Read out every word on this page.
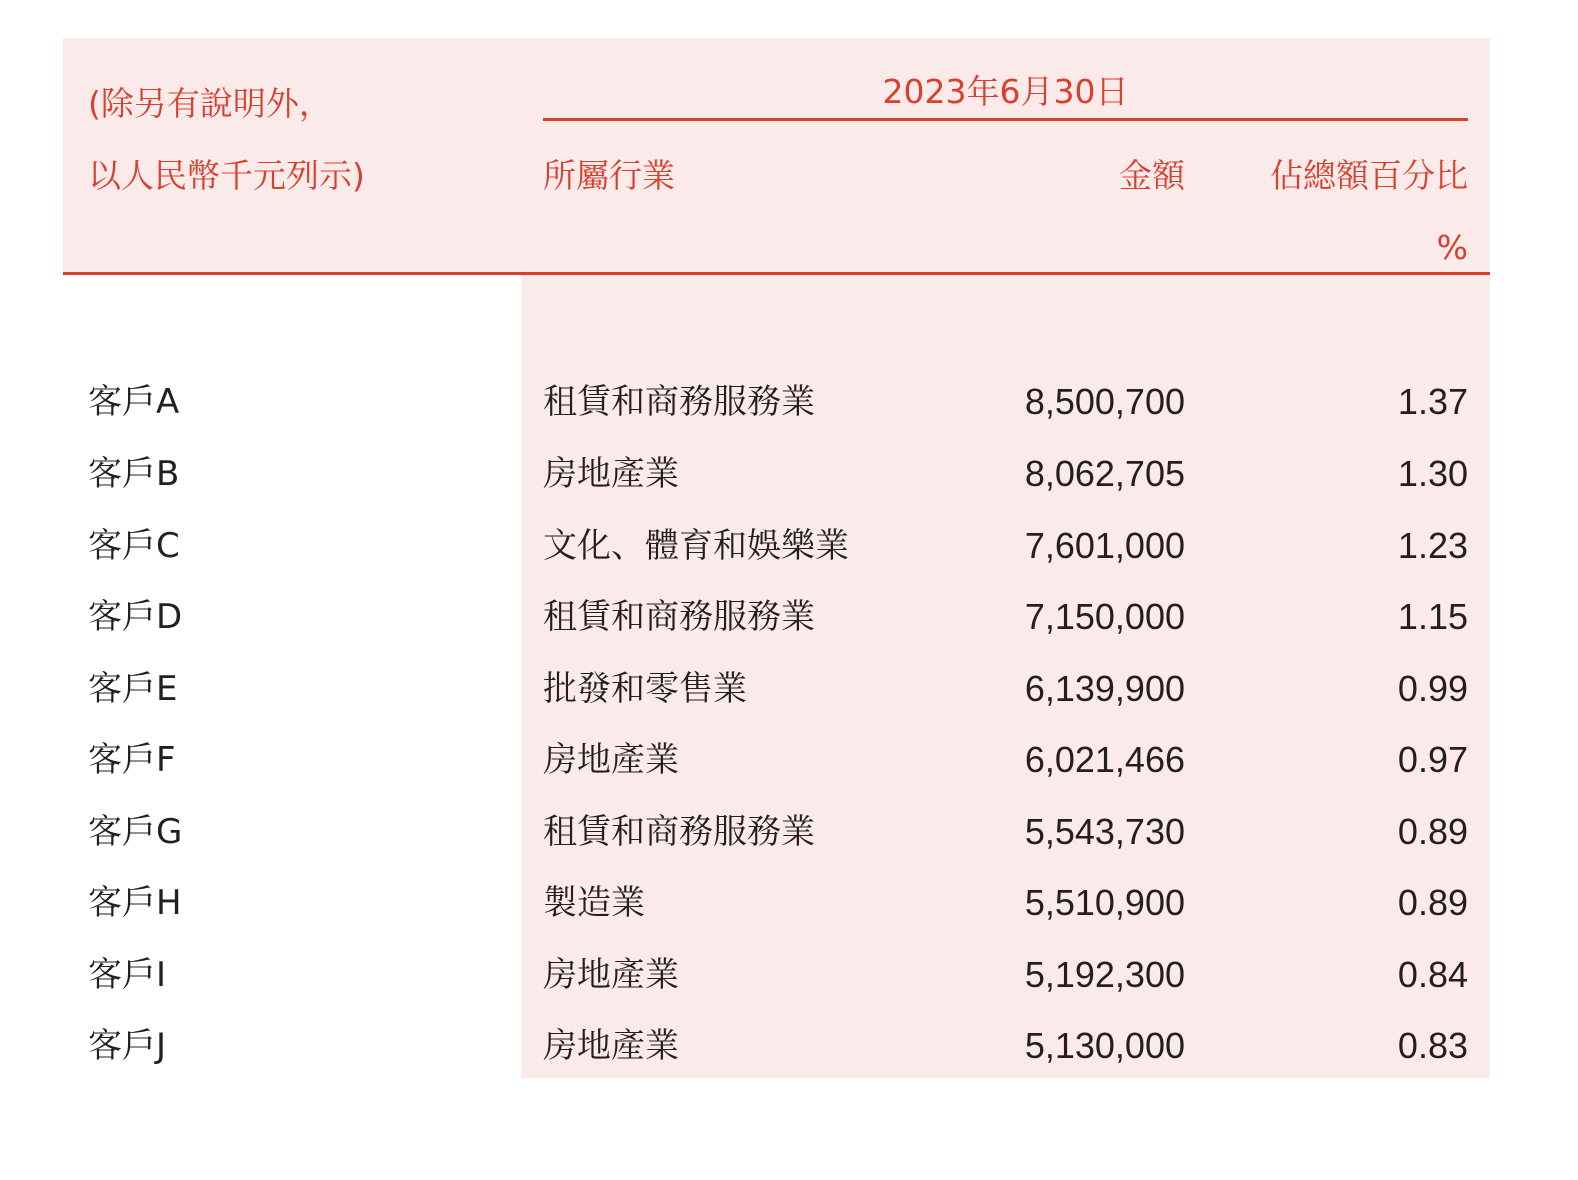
(除另有說明外，
以人民幣千元列示)
2023年6月30日
所屬行業	金額	佔總額百分比
%
客戶A	租賃和商務服務業	8,500,700	1.37
客戶B	房地產業	8,062,705	1.30
客戶C	文化、體育和娛樂業	7,601,000	1.23
客戶D	租賃和商務服務業	7,150,000	1.15
客戶E	批發和零售業	6,139,900	0.99
客戶F	房地產業	6,021,466	0.97
客戶G	租賃和商務服務業	5,543,730	0.89
客戶H	製造業	5,510,900	0.89
客戶I	房地產業	5,192,300	0.84
客戶J	房地產業	5,130,000	0.83
